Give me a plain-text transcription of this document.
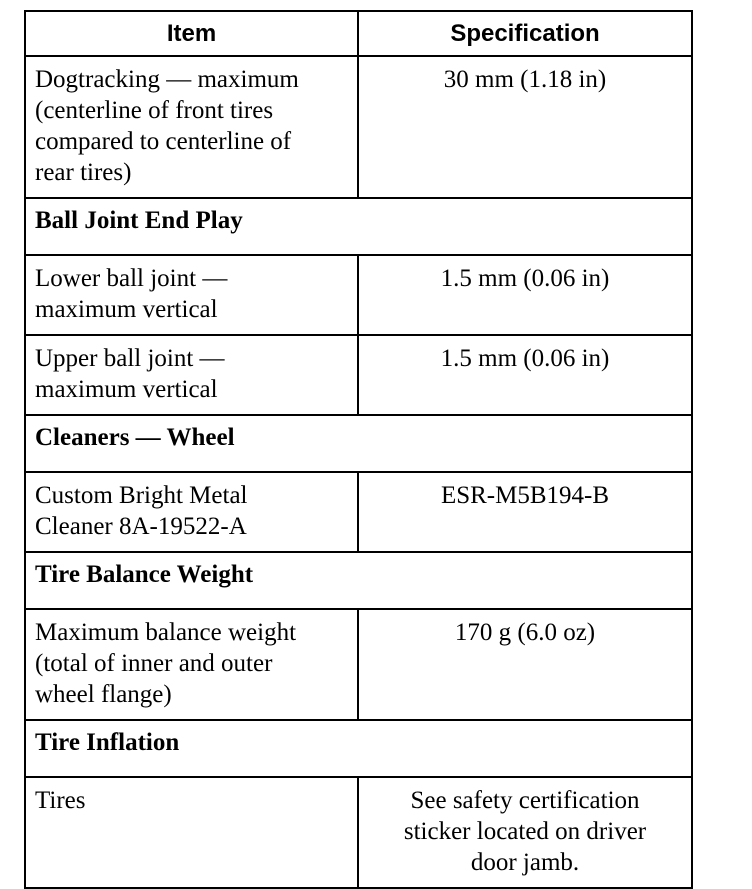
Item	Specification

Dogtracking — maximum
(centerline of front tires
compared to centerline of
rear tires)	30 mm (1.18 in)

Ball Joint End Play	

Lower ball joint —
maximum vertical	1.5 mm (0.06 in)

Upper ball joint —
maximum vertical	1.5 mm (0.06 in)

Cleaners — Wheel	

Custom Bright Metal
Cleaner 8A-19522-A	ESR-M5B194-B

Tire Balance Weight	

Maximum balance weight
(total of inner and outer
wheel flange)	170 g (6.0 oz)

Tire Inflation	

Tires	See safety certification
sticker located on driver
door jamb.
